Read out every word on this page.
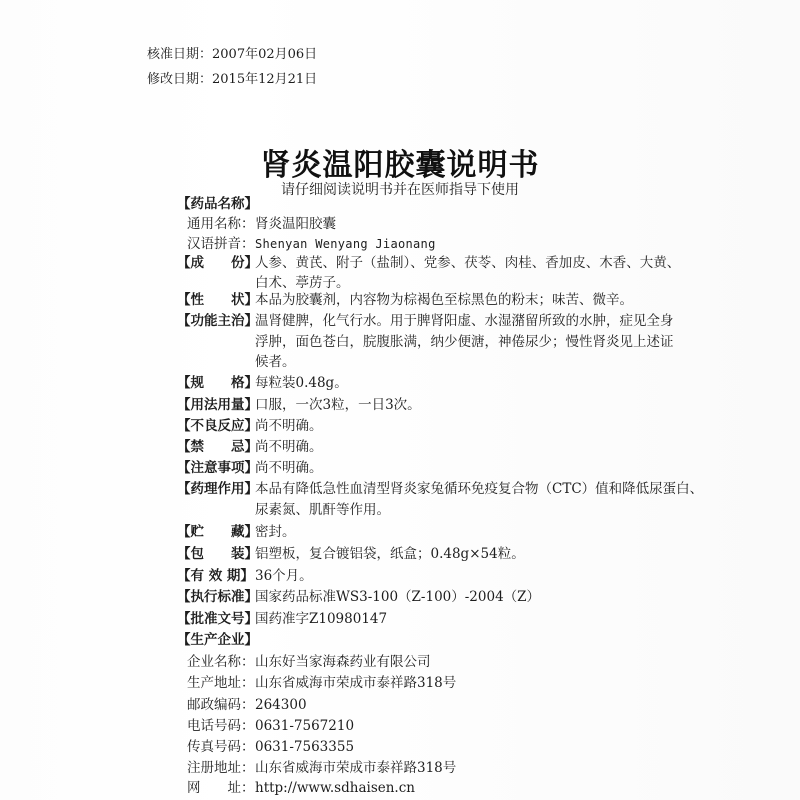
核准日期：2007年02月06日
修改日期：2015年12月21日
肾炎温阳胶囊说明书
请仔细阅读说明书并在医师指导下使用
【药品名称】
通用名称： 肾炎温阳胶囊
汉语拼音： Shenyan Wenyang Jiaonang
【成　　份】
人参、黄芪、附子（盐制）、党参、茯苓、肉桂、香加皮、木香、大黄、
白术、葶苈子。
【性　　状】
本品为胶囊剂，内容物为棕褐色至棕黑色的粉末；味苦、微辛。
【功能主治】
温肾健脾，化气行水。用于脾肾阳虚、水湿潴留所致的水肿，症见全身
浮肿，面色苍白，脘腹胀满，纳少便溏，神倦尿少；慢性肾炎见上述证
候者。
【规　　格】
每粒装0.48g。
【用法用量】
口服，一次3粒，一日3次。
【不良反应】
尚不明确。
【禁　　忌】
尚不明确。
【注意事项】
尚不明确。
【药理作用】
本品有降低急性血清型肾炎家兔循环免疫复合物（CTC）值和降低尿蛋白、
尿素氮、肌酐等作用。
【贮　　藏】
密封。
【包　　装】
铝塑板，复合镀铝袋，纸盒；0.48g×54粒。
【有 效 期】 36个月。
【执行标准】
国家药品标准WS3-100（Z-100）-2004（Z）
【批准文号】
国药准字Z10980147
【生产企业】
企业名称： 山东好当家海森药业有限公司
生产地址： 山东省威海市荣成市泰祥路318号
邮政编码： 264300
电话号码： 0631-7567210
传真号码： 0631-7563355
注册地址： 山东省威海市荣成市泰祥路318号
网　　址： http://www.sdhaisen.cn
